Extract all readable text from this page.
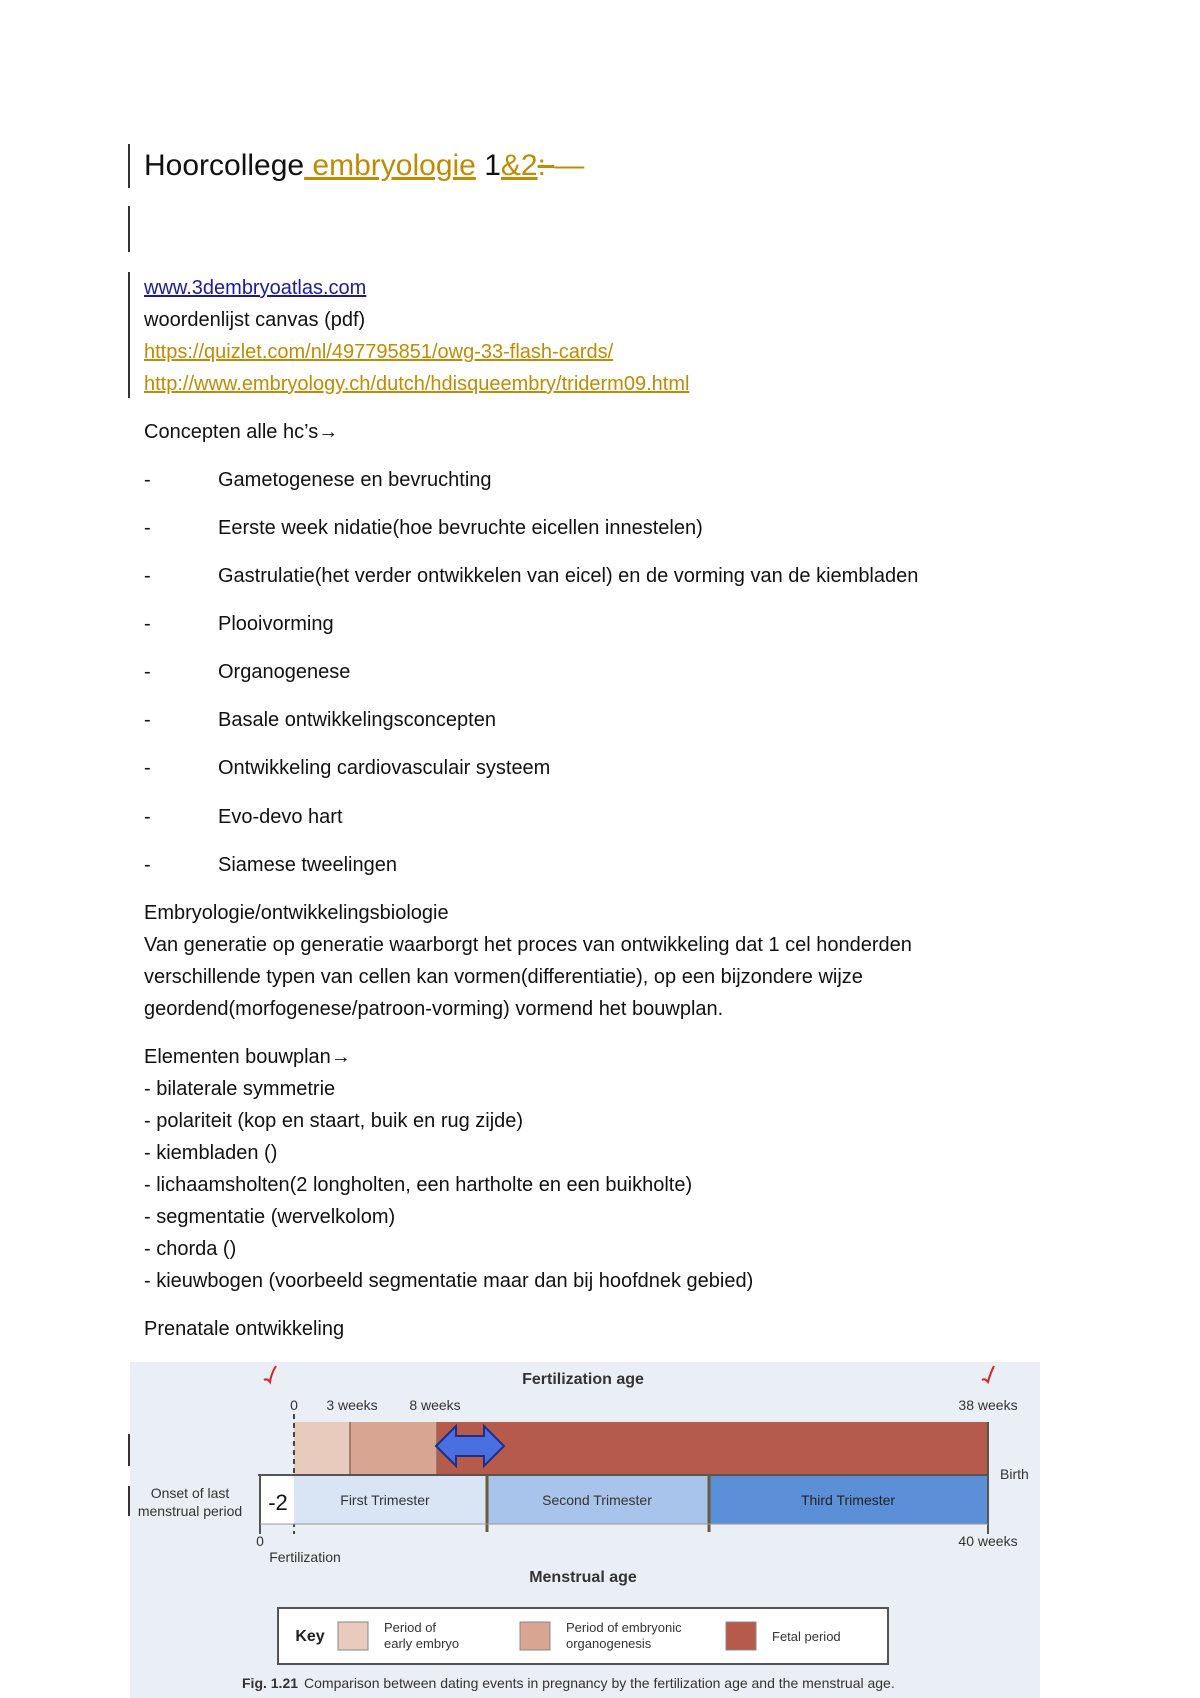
Hoorcollege embryologie 1&2: —
www.3dembryoatlas.com
woordenlijst canvas (pdf)
https://quizlet.com/nl/497795851/owg-33-flash-cards/
http://www.embryology.ch/dutch/hdisqueembry/triderm09.html
Concepten alle hc’s→
-	Gametogenese en bevruchting
-	Eerste week nidatie(hoe bevruchte eicellen innestelen)
-	Gastrulatie(het verder ontwikkelen van eicel) en de vorming van de kiembladen
-	Plooivorming
-	Organogenese
-	Basale ontwikkelingsconcepten
-	Ontwikkeling cardiovasculair systeem
-	Evo-devo hart
-	Siamese tweelingen
Embryologie/ontwikkelingsbiologie
Van generatie op generatie waarborgt het proces van ontwikkeling dat 1 cel honderden
verschillende typen van cellen kan vormen(differentiatie), op een bijzondere wijze
geordend(morfogenese/patroon-vorming) vormend het bouwplan.
Elementen bouwplan→
- bilaterale symmetrie
- polariteit (kop en staart, buik en rug zijde)
- kiembladen ()
- lichaamsholten(2 longholten, een hartholte en een buikholte)
- segmentatie (wervelkolom)
- chorda ()
- kieuwbogen (voorbeeld segmentatie maar dan bij hoofdnek gebied)
Prenatale ontwikkeling
Fertilization age
0 3 weeks 8 weeks	38 weeks
-2	First Trimester	Second Trimester	Third Trimester
Birth
Onset of last
menstrual period
0	40 weeks
Fertilization
Menstrual age
Key
Period of
early embryo
Period of embryonic
organogenesis	Fetal period
Fig. 1.21 Comparison between dating events in pregnancy by the fertilization age and the menstrual age.
